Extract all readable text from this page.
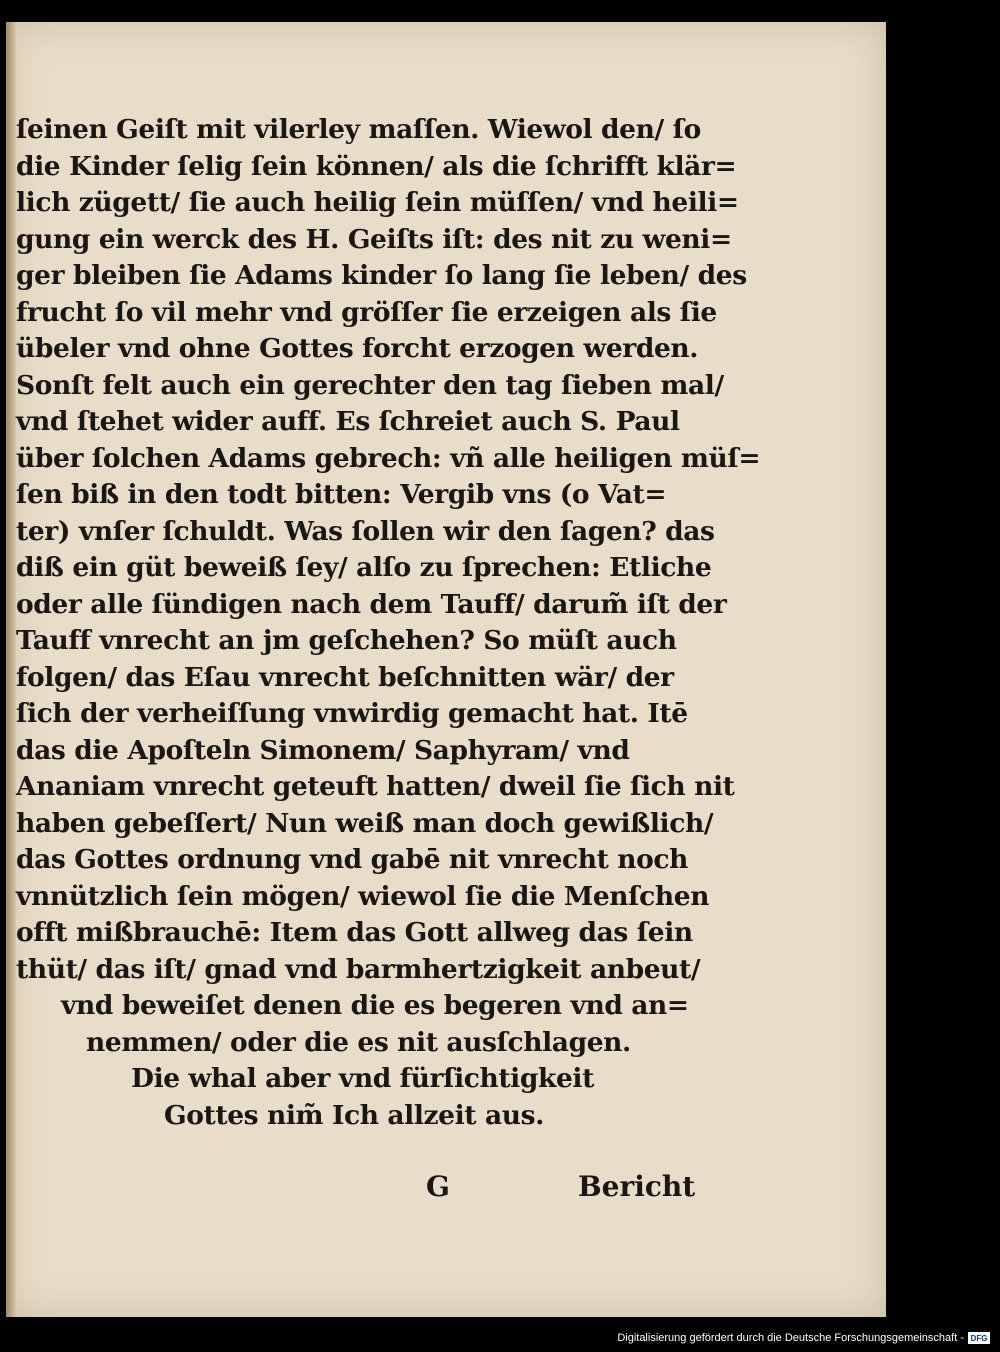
ſeinen Geiſt mit vilerley maſſen. Wiewol den/ ſo
die Kinder ſelig ſein können/ als die ſchrifft klär=
lich zügett/ ſie auch heilig ſein müſſen/ vnd heili=
gung ein werck des H. Geiſts iſt: des nit zu weni=
ger bleiben ſie Adams kinder ſo lang ſie leben/ des
frucht ſo vil mehr vnd gröſſer ſie erzeigen als ſie
übeler vnd ohne Gottes forcht erzogen werden.
Sonſt felt auch ein gerechter den tag ſieben mal/
vnd ſtehet wider auff. Es ſchreiet auch S. Paul
über ſolchen Adams gebrech: vñ alle heiligen müſ=
ſen biß in den todt bitten: Vergib vns (o Vat=
ter) vnſer ſchuldt. Was ſollen wir den ſagen? das
diß ein güt beweiß ſey/ alſo zu ſprechen: Etliche
oder alle ſündigen nach dem Tauff/ darum̃ iſt der
Tauff vnrecht an jm geſchehen? So müſt auch
folgen/ das Eſau vnrecht beſchnitten wär/ der
ſich der verheiſſung vnwirdig gemacht hat. Itē
das die Apoſteln Simonem/ Saphyram/ vnd
Ananiam vnrecht geteuft hatten/ dweil ſie ſich nit
haben gebeſſert/ Nun weiß man doch gewißlich/
das Gottes ordnung vnd gabē nit vnrecht noch
vnnützlich ſein mögen/ wiewol ſie die Menſchen
offt mißbrauchē: Item das Gott allweg das ſein
thüt/ das iſt/ gnad vnd barmhertzigkeit anbeut/
vnd beweiſet denen die es begeren vnd an=
nemmen/ oder die es nit ausſchlagen.
Die whal aber vnd fürſichtigkeit
Gottes nim̃ Ich allzeit aus.
G	Bericht
Digitalisierung gefördert durch die Deutsche Forschungsgemeinschaft - DFG
